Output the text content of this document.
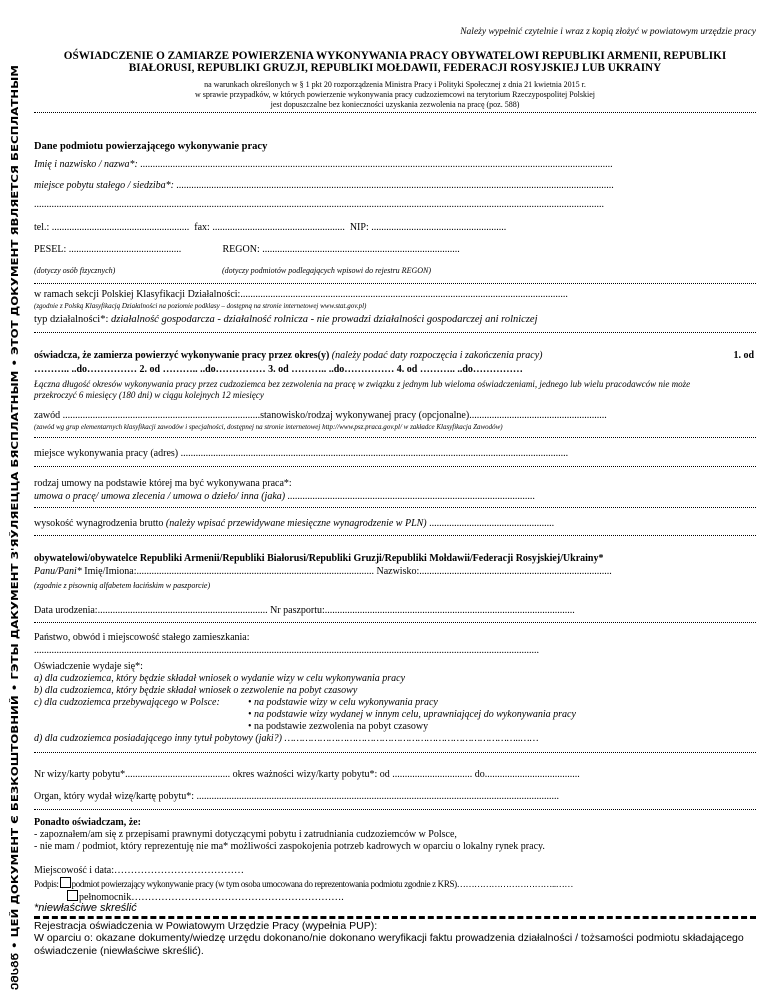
ᲔᲛᲡᲒᲬ • ЦЕЙ ДОКУМЕНТ Є БЕЗКОШТОВНИЙ • ГЭТЫ ДАКУМЕНТ З'ЯЎЛЯЕЦЦА БЯСПЛАТНЫМ • ЭТОТ ДОКУМЕНТ ЯВЛЯЕТСЯ БЕСПЛАТНЫМ
Należy wypełnić czytelnie i wraz z kopią złożyć w powiatowym urzędzie pracy
OŚWIADCZENIE O ZAMIARZE POWIERZENIA WYKONYWANIA PRACY OBYWATELOWI REPUBLIKI ARMENII, REPUBLIKI
BIAŁORUSI, REPUBLIKI GRUZJI, REPUBLIKI MOŁDAWII, FEDERACJI ROSYJSKIEJ LUB UKRAINY
na warunkach określonych w § 1 pkt 20 rozporządzenia Ministra Pracy i Polityki Społecznej z dnia 21 kwietnia 2015 r.
w sprawie przypadków, w których powierzenie wykonywania pracy cudzoziemcowi na terytorium Rzeczypospolitej Polskiej
jest dopuszczalne bez konieczności uzyskania zezwolenia na pracę (poz. 588)
Dane podmiotu powierzającego wykonywanie pracy
Imię i nazwisko / nazwa*: .............................................................................................................................................................................................
miejsce pobytu stałego / siedziba*: ...............................................................................................................................................................................
....................................................................................................................................................................................................................................
tel.: ....................................................... fax: ..................................................... NIP: ......................................................
PESEL: .............................................	REGON: ...............................................................................
(dotyczy osób fizycznych)	(dotyczy podmiotów podlegających wpisowi do rejestru REGON)
w ramach sekcji Polskiej Klasyfikacji Działalności:...................................................................................................................................
(zgodnie z Polską Klasyfikacją Działalności na poziomie podklasy – dostępną na stronie internetowej www.stat.gov.pl)
typ działalności*: działalność gospodarcza - działalność rolnicza - nie prowadzi działalności gospodarczej ani rolniczej
oświadcza, że zamierza powierzyć wykonywanie pracy przez okres(y) (należy podać daty rozpoczęcia i zakończenia pracy)	1. od
……….. ..do…………… 2. od ……….. ..do…………… 3. od ……….. ..do…………… 4. od ……….. ..do……………
Łączna długość okresów wykonywania pracy przez cudzoziemca bez zezwolenia na pracę w związku z jednym lub wieloma oświadczeniami, jednego lub wielu pracodawców nie może przekroczyć 6 miesięcy (180 dni) w ciągu kolejnych 12 miesięcy
zawód ...............................................................................stanowisko/rodzaj wykonywanej pracy (opcjonalne).......................................................
(zawód wg grup elementarnych klasyfikacji zawodów i specjalności, dostępnej na stronie internetowej http://www.psz.praca.gov.pl/ w zakładce Klasyfikacja Zawodów)
miejsce wykonywania pracy (adres) ...........................................................................................................................................................
rodzaj umowy na podstawie której ma być wykonywana praca*:
umowa o pracę/ umowa zlecenia / umowa o dzieło/ inna (jaka) ...................................................................................................
wysokość wynagrodzenia brutto (należy wpisać przewidywane miesięczne wynagrodzenie w PLN) ..................................................
obywatelowi/obywatelce Republiki Armenii/Republiki Białorusi/Republiki Gruzji/Republiki Mołdawii/Federacji Rosyjskiej/Ukrainy*
Panu/Pani* Imię/Imiona:............................................................................................... Nazwisko:.............................................................................
(zgodnie z pisownią alfabetem łacińskim w paszporcie)
Data urodzenia:.................................................................... Nr paszportu:....................................................................................................
Państwo, obwód i miejscowość stałego zamieszkania:
..........................................................................................................................................................................................................
Oświadczenie wydaje się*:
a) dla cudzoziemca, który będzie składał wniosek o wydanie wizy w celu wykonywania pracy
b) dla cudzoziemca, który będzie składał wniosek o zezwolenie na pobyt czasowy
c) dla cudzoziemca przebywającego w Polsce:	• na podstawie wizy w celu wykonywania pracy
• na podstawie wizy wydanej w innym celu, uprawniającej do wykonywania pracy
• na podstawie zezwolenia na pobyt czasowy
d) dla cudzoziemca posiadającego inny tytuł pobytowy (jaki?) ……………………………………………………………………..……
Nr wizy/karty pobytu*.......................................... okres ważności wizy/karty pobytu*: od ................................ do......................................
Organ, który wydał wizę/kartę pobytu*: .................................................................................................................................................
Ponadto oświadczam, że:
- zapoznałem/am się z przepisami prawnymi dotyczącymi pobytu i zatrudniania cudzoziemców w Polsce,
- nie mam / podmiot, który reprezentuję nie ma* możliwości zaspokojenia potrzeb kadrowych w oparciu o lokalny rynek pracy.
Miejscowość i data:…………………………………
Podpis: podmiot powierzający wykonywanie pracy (w tym osoba umocowana do reprezentowania podmiotu zgodnie z KRS)……………………………..……
pełnomocnik……………………………………………………….
*niewłaściwe skreślić
Rejestracja oświadczenia w Powiatowym Urzędzie Pracy (wypełnia PUP):
W oparciu o: okazane dokumenty/wiedzę urzędu dokonano/nie dokonano weryfikacji faktu prowadzenia działalności / tożsamości podmiotu składającego oświadczenie (niewłaściwe skreślić).
